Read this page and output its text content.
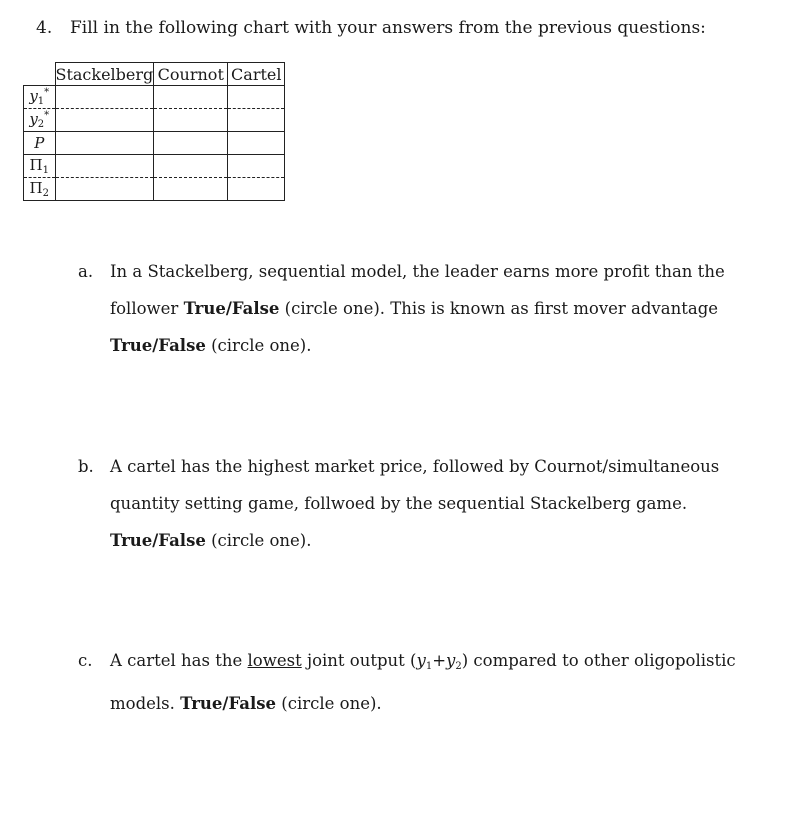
4. Fill in the following chart with your answers from the previous questions:
	Stackelberg	Cournot	Cartel
$y_1^*$			
$y_2^*$			
P			
$\Pi_1$			
$\Pi_2$			
a. In a Stackelberg, sequential model, the leader earns more profit than the follower True/False (circle one). This is known as first mover advantage True/False (circle one).
b. A cartel has the highest market price, followed by Cournot/simultaneous quantity setting game, follwoed by the sequential Stackelberg game. True/False (circle one).
c. A cartel has the lowest joint output $(y_1+y_2)$ compared to other oligopolistic models. True/False (circle one).
